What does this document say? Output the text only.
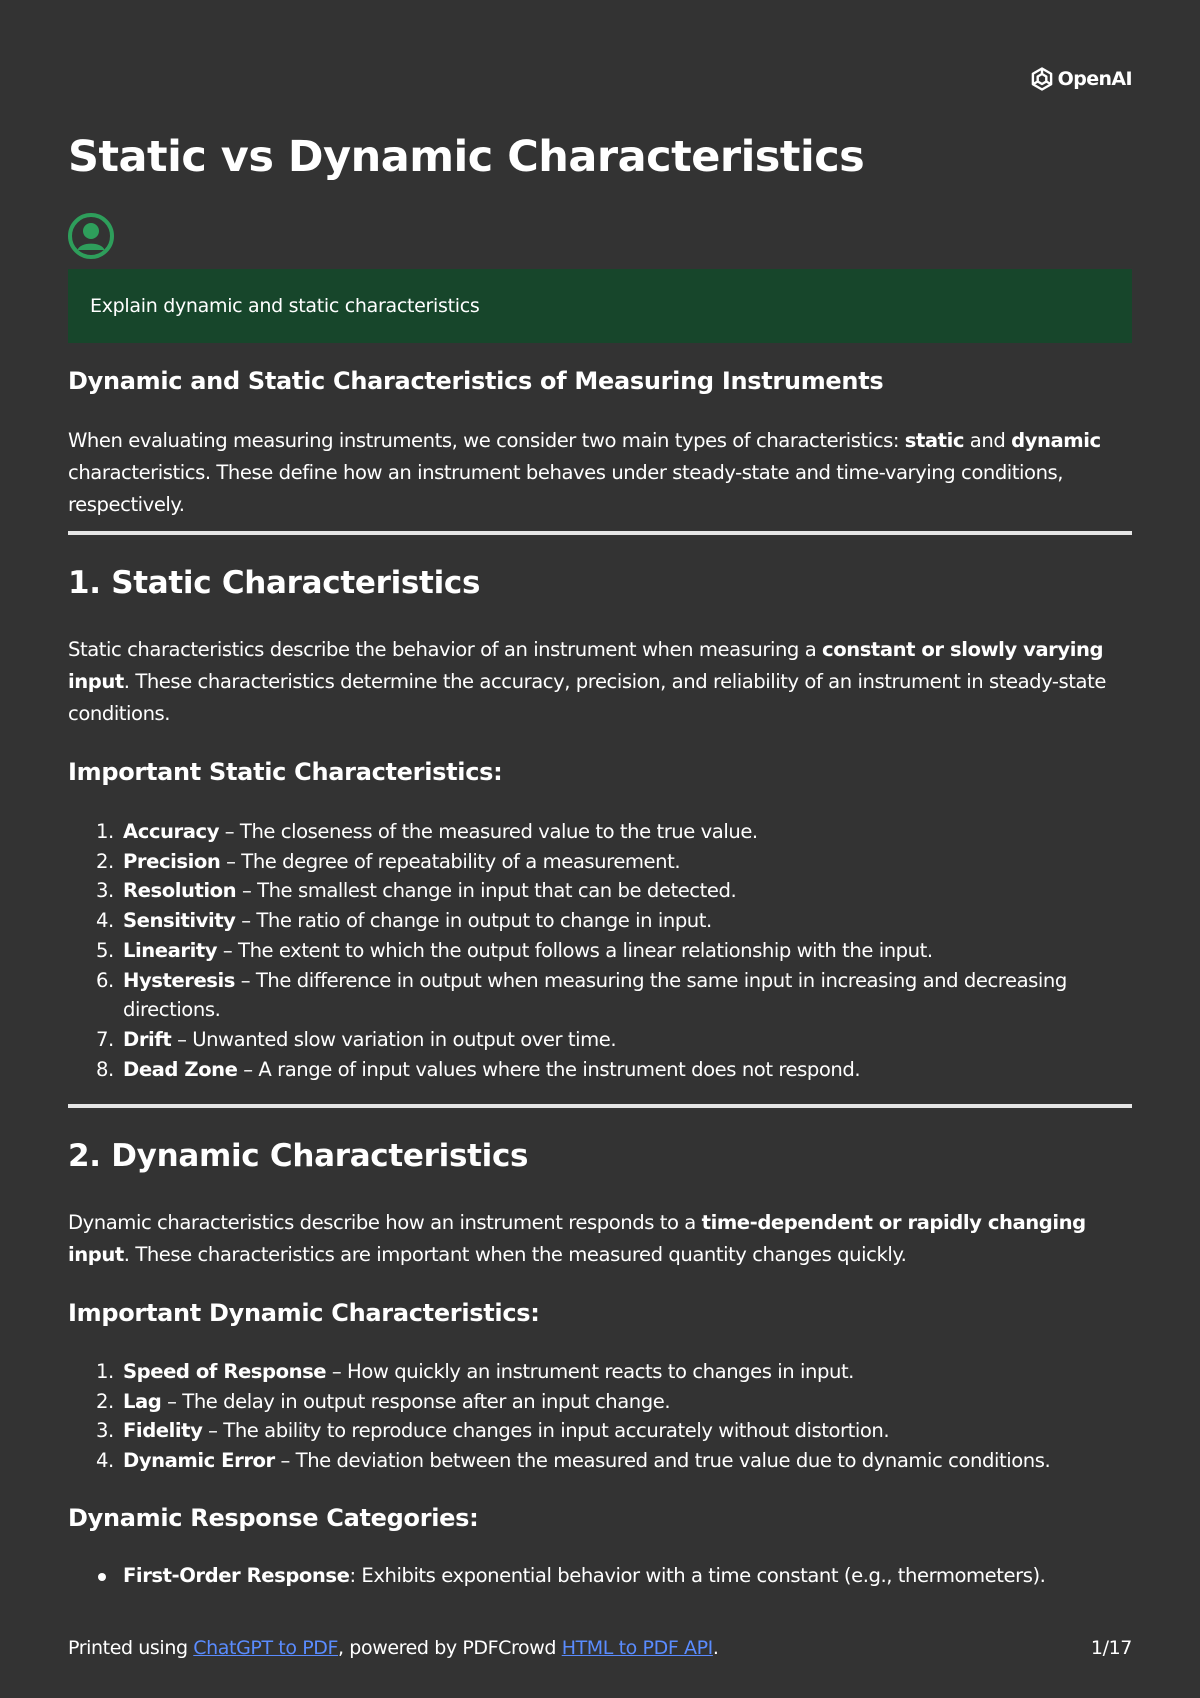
OpenAI
Static vs Dynamic Characteristics
Explain dynamic and static characteristics
Dynamic and Static Characteristics of Measuring Instruments

When evaluating measuring instruments, we consider two main types of characteristics: static and dynamic characteristics. These define how an instrument behaves under steady-state and time-varying conditions, respectively.

1. Static Characteristics

Static characteristics describe the behavior of an instrument when measuring a constant or slowly varying input. These characteristics determine the accuracy, precision, and reliability of an instrument in steady-state conditions.

Important Static Characteristics:
1. Accuracy – The closeness of the measured value to the true value.
2. Precision – The degree of repeatability of a measurement.
3. Resolution – The smallest change in input that can be detected.
4. Sensitivity – The ratio of change in output to change in input.
5. Linearity – The extent to which the output follows a linear relationship with the input.
6. Hysteresis – The difference in output when measuring the same input in increasing and decreasing directions.
7. Drift – Unwanted slow variation in output over time.
8. Dead Zone – A range of input values where the instrument does not respond.
2. Dynamic Characteristics

Dynamic characteristics describe how an instrument responds to a time-dependent or rapidly changing input. These characteristics are important when the measured quantity changes quickly.

Important Dynamic Characteristics:
1. Speed of Response – How quickly an instrument reacts to changes in input.
2. Lag – The delay in output response after an input change.
3. Fidelity – The ability to reproduce changes in input accurately without distortion.
4. Dynamic Error – The deviation between the measured and true value due to dynamic conditions.
Dynamic Response Categories:
First-Order Response: Exhibits exponential behavior with a time constant (e.g., thermometers).
Printed using ChatGPT to PDF, powered by PDFCrowd HTML to PDF API.	1/17
